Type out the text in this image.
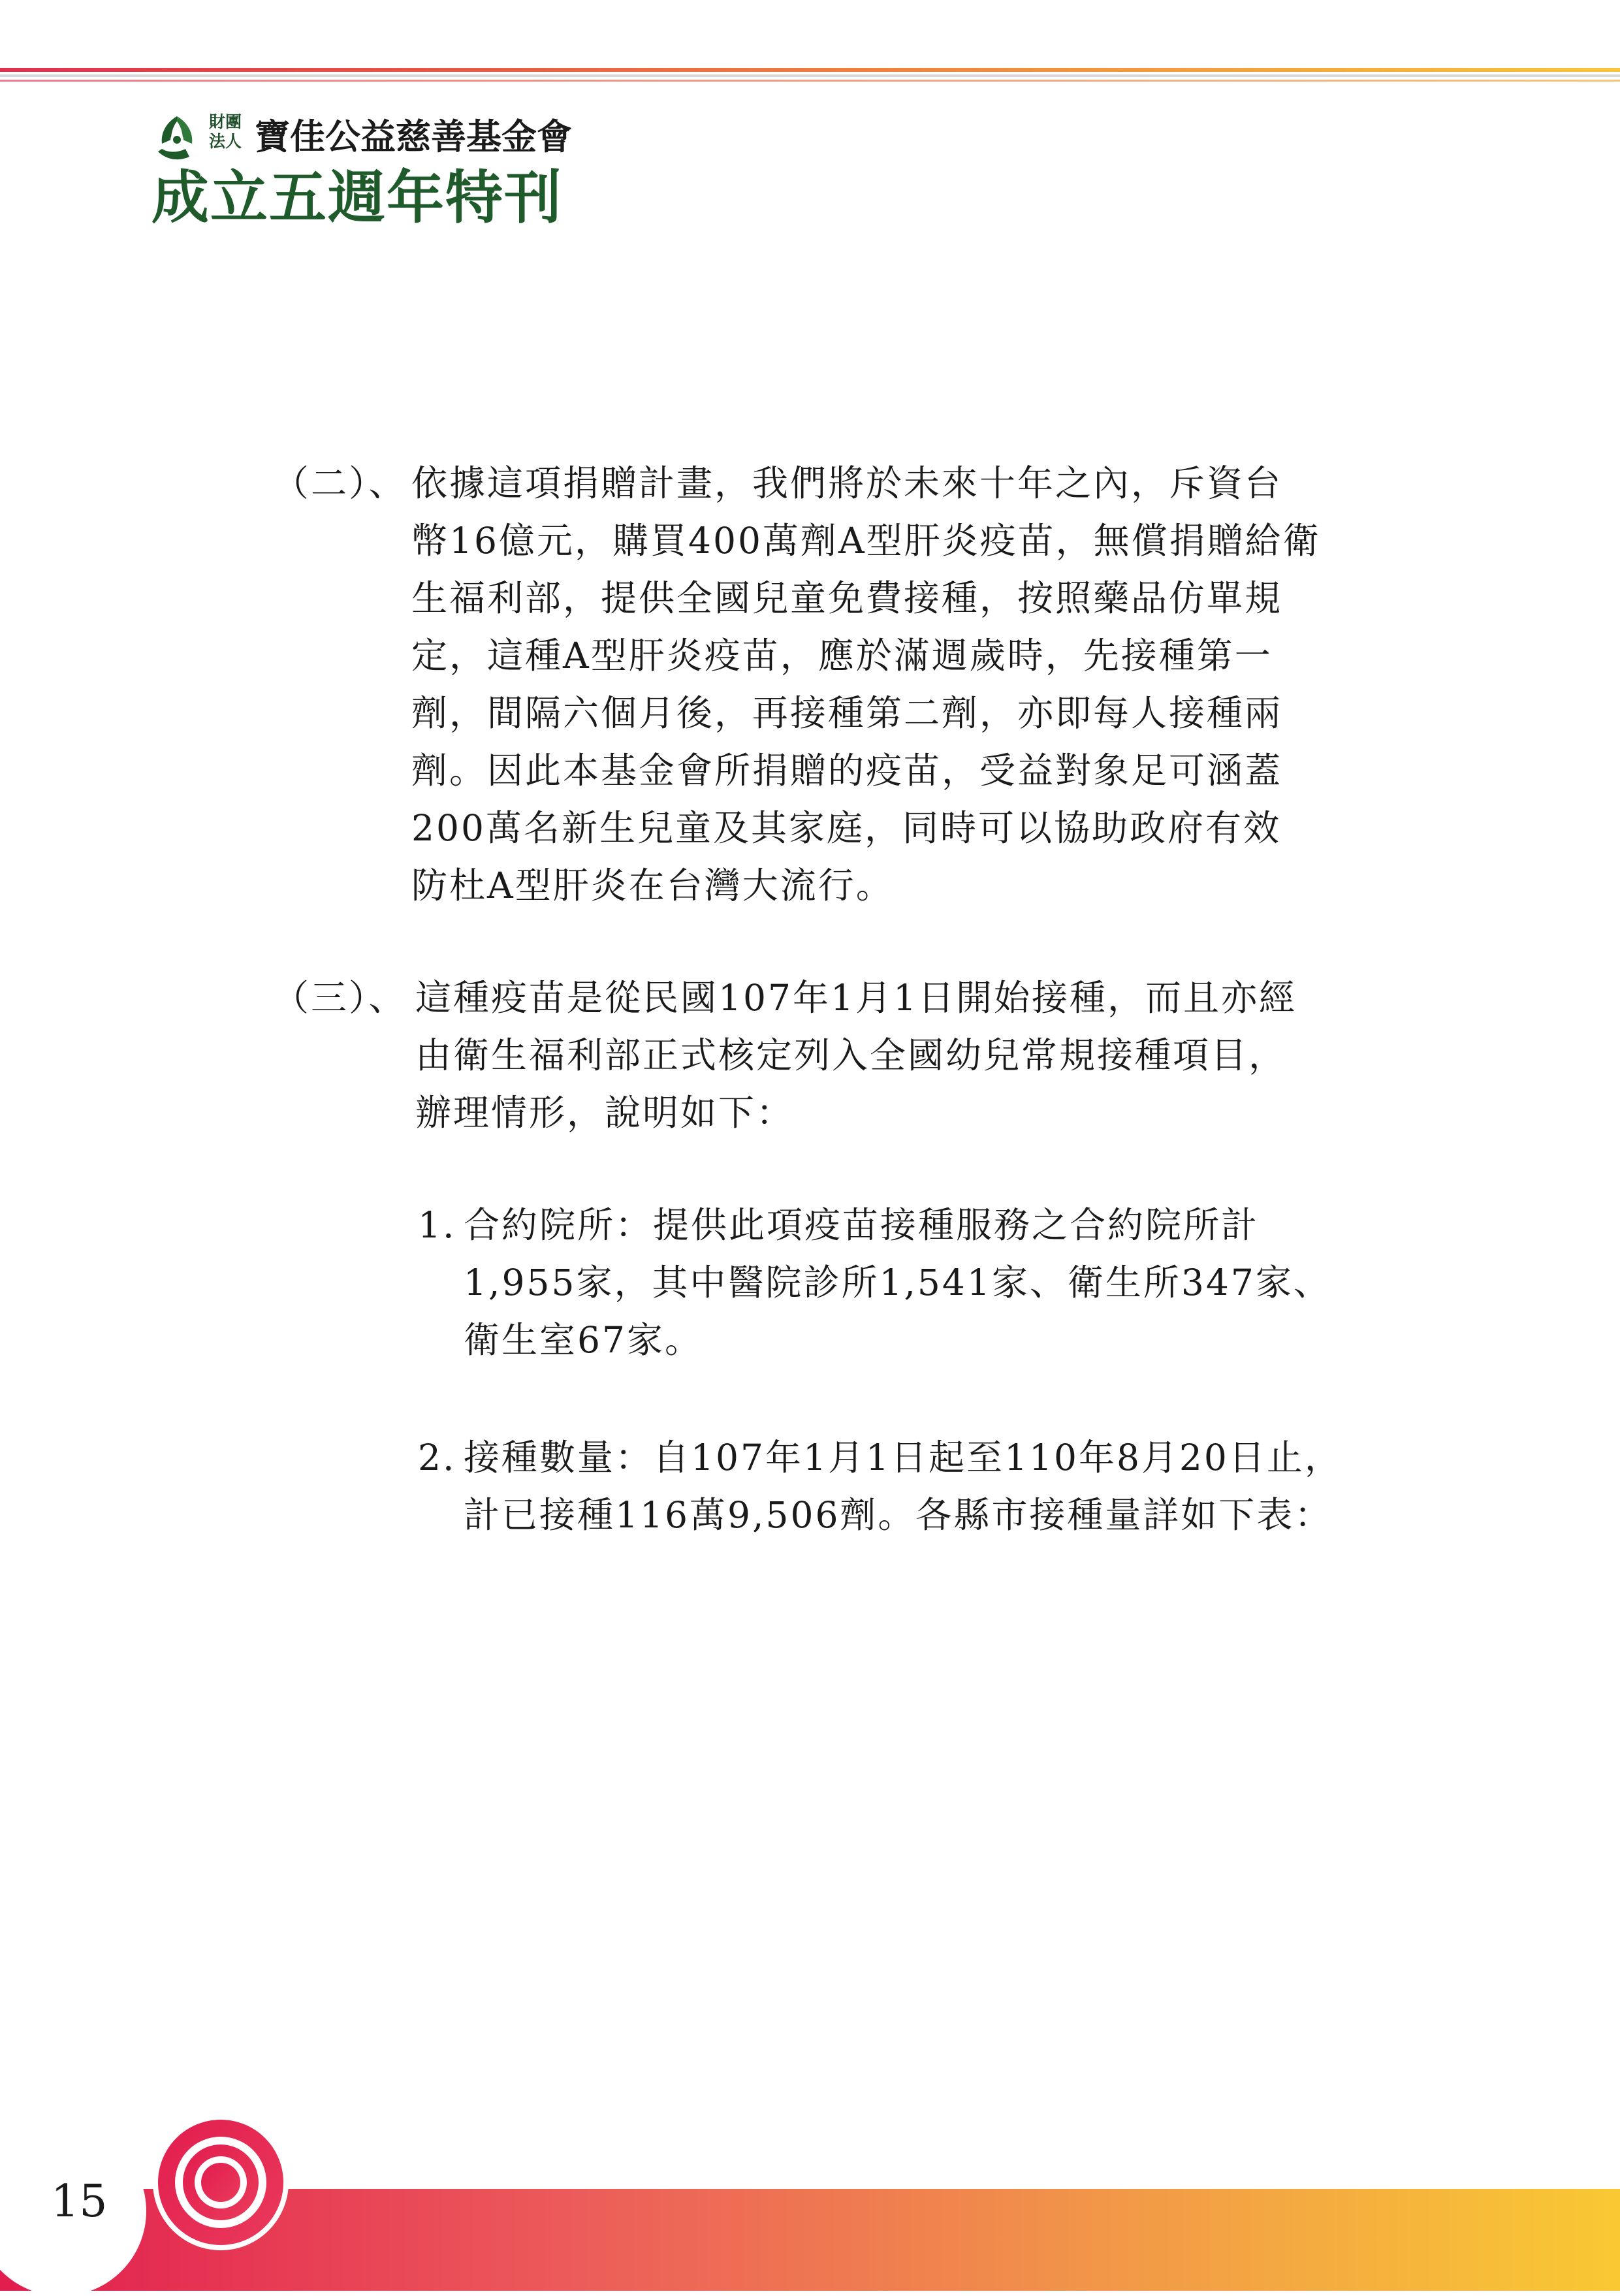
財團法人 寶佳公益慈善基金會
成立五週年特刊
（二）、 依據這項捐贈計畫，我們將於未來十年之內，斥資台
幣16億元，購買400萬劑A型肝炎疫苗，無償捐贈給衛
生福利部，提供全國兒童免費接種，按照藥品仿單規
定，這種A型肝炎疫苗，應於滿週歲時，先接種第一
劑，間隔六個月後，再接種第二劑，亦即每人接種兩
劑。因此本基金會所捐贈的疫苗，受益對象足可涵蓋
200萬名新生兒童及其家庭，同時可以協助政府有效
防杜A型肝炎在台灣大流行。
（三）、 這種疫苗是從民國107年1月1日開始接種，而且亦經
由衛生福利部正式核定列入全國幼兒常規接種項目，
辦理情形，說明如下：
1. 合約院所：提供此項疫苗接種服務之合約院所計
1,955家，其中醫院診所1,541家、衛生所347家、
衛生室67家。
2. 接種數量：自107年1月1日起至110年8月20日止，
計已接種116萬9,506劑。各縣市接種量詳如下表：
15
